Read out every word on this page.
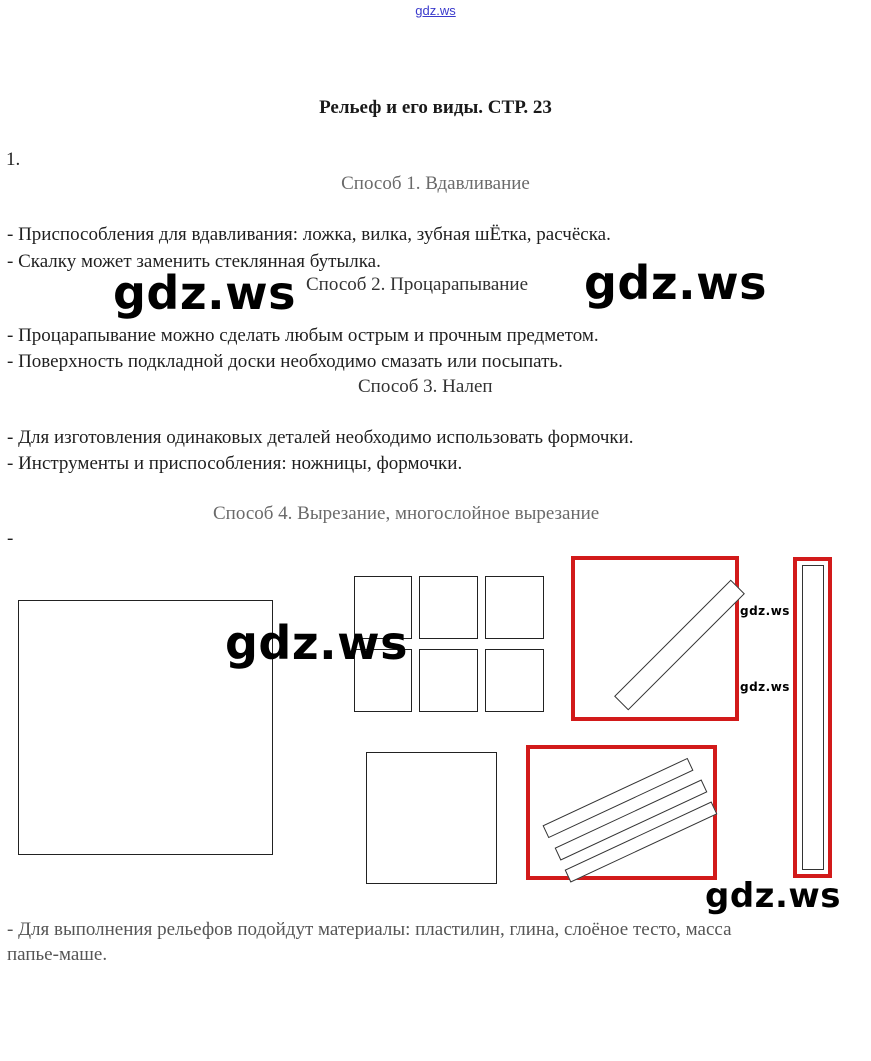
gdz.ws
Рельеф и его виды. СТР. 23
1.
Способ 1. Вдавливание
- Приспособления для вдавливания: ложка, вилка, зубная шЁтка, расчёска.
- Скалку может заменить стеклянная бутылка.
Способ 2. Процарапывание
- Процарапывание можно сделать любым острым и прочным предметом.
- Поверхность подкладной доски необходимо смазать или посыпать.
Способ 3. Налеп
- Для изготовления одинаковых деталей необходимо использовать формочки.
- Инструменты и приспособления: ножницы, формочки.
Способ 4. Вырезание, многослойное вырезание
-
gdz.ws	gdz.ws
gdz.ws
gdz.ws
gdz.ws
gdz.ws
- Для выполнения рельефов подойдут материалы: пластилин, глина, слоёное тесто, масса
папье-маше.
